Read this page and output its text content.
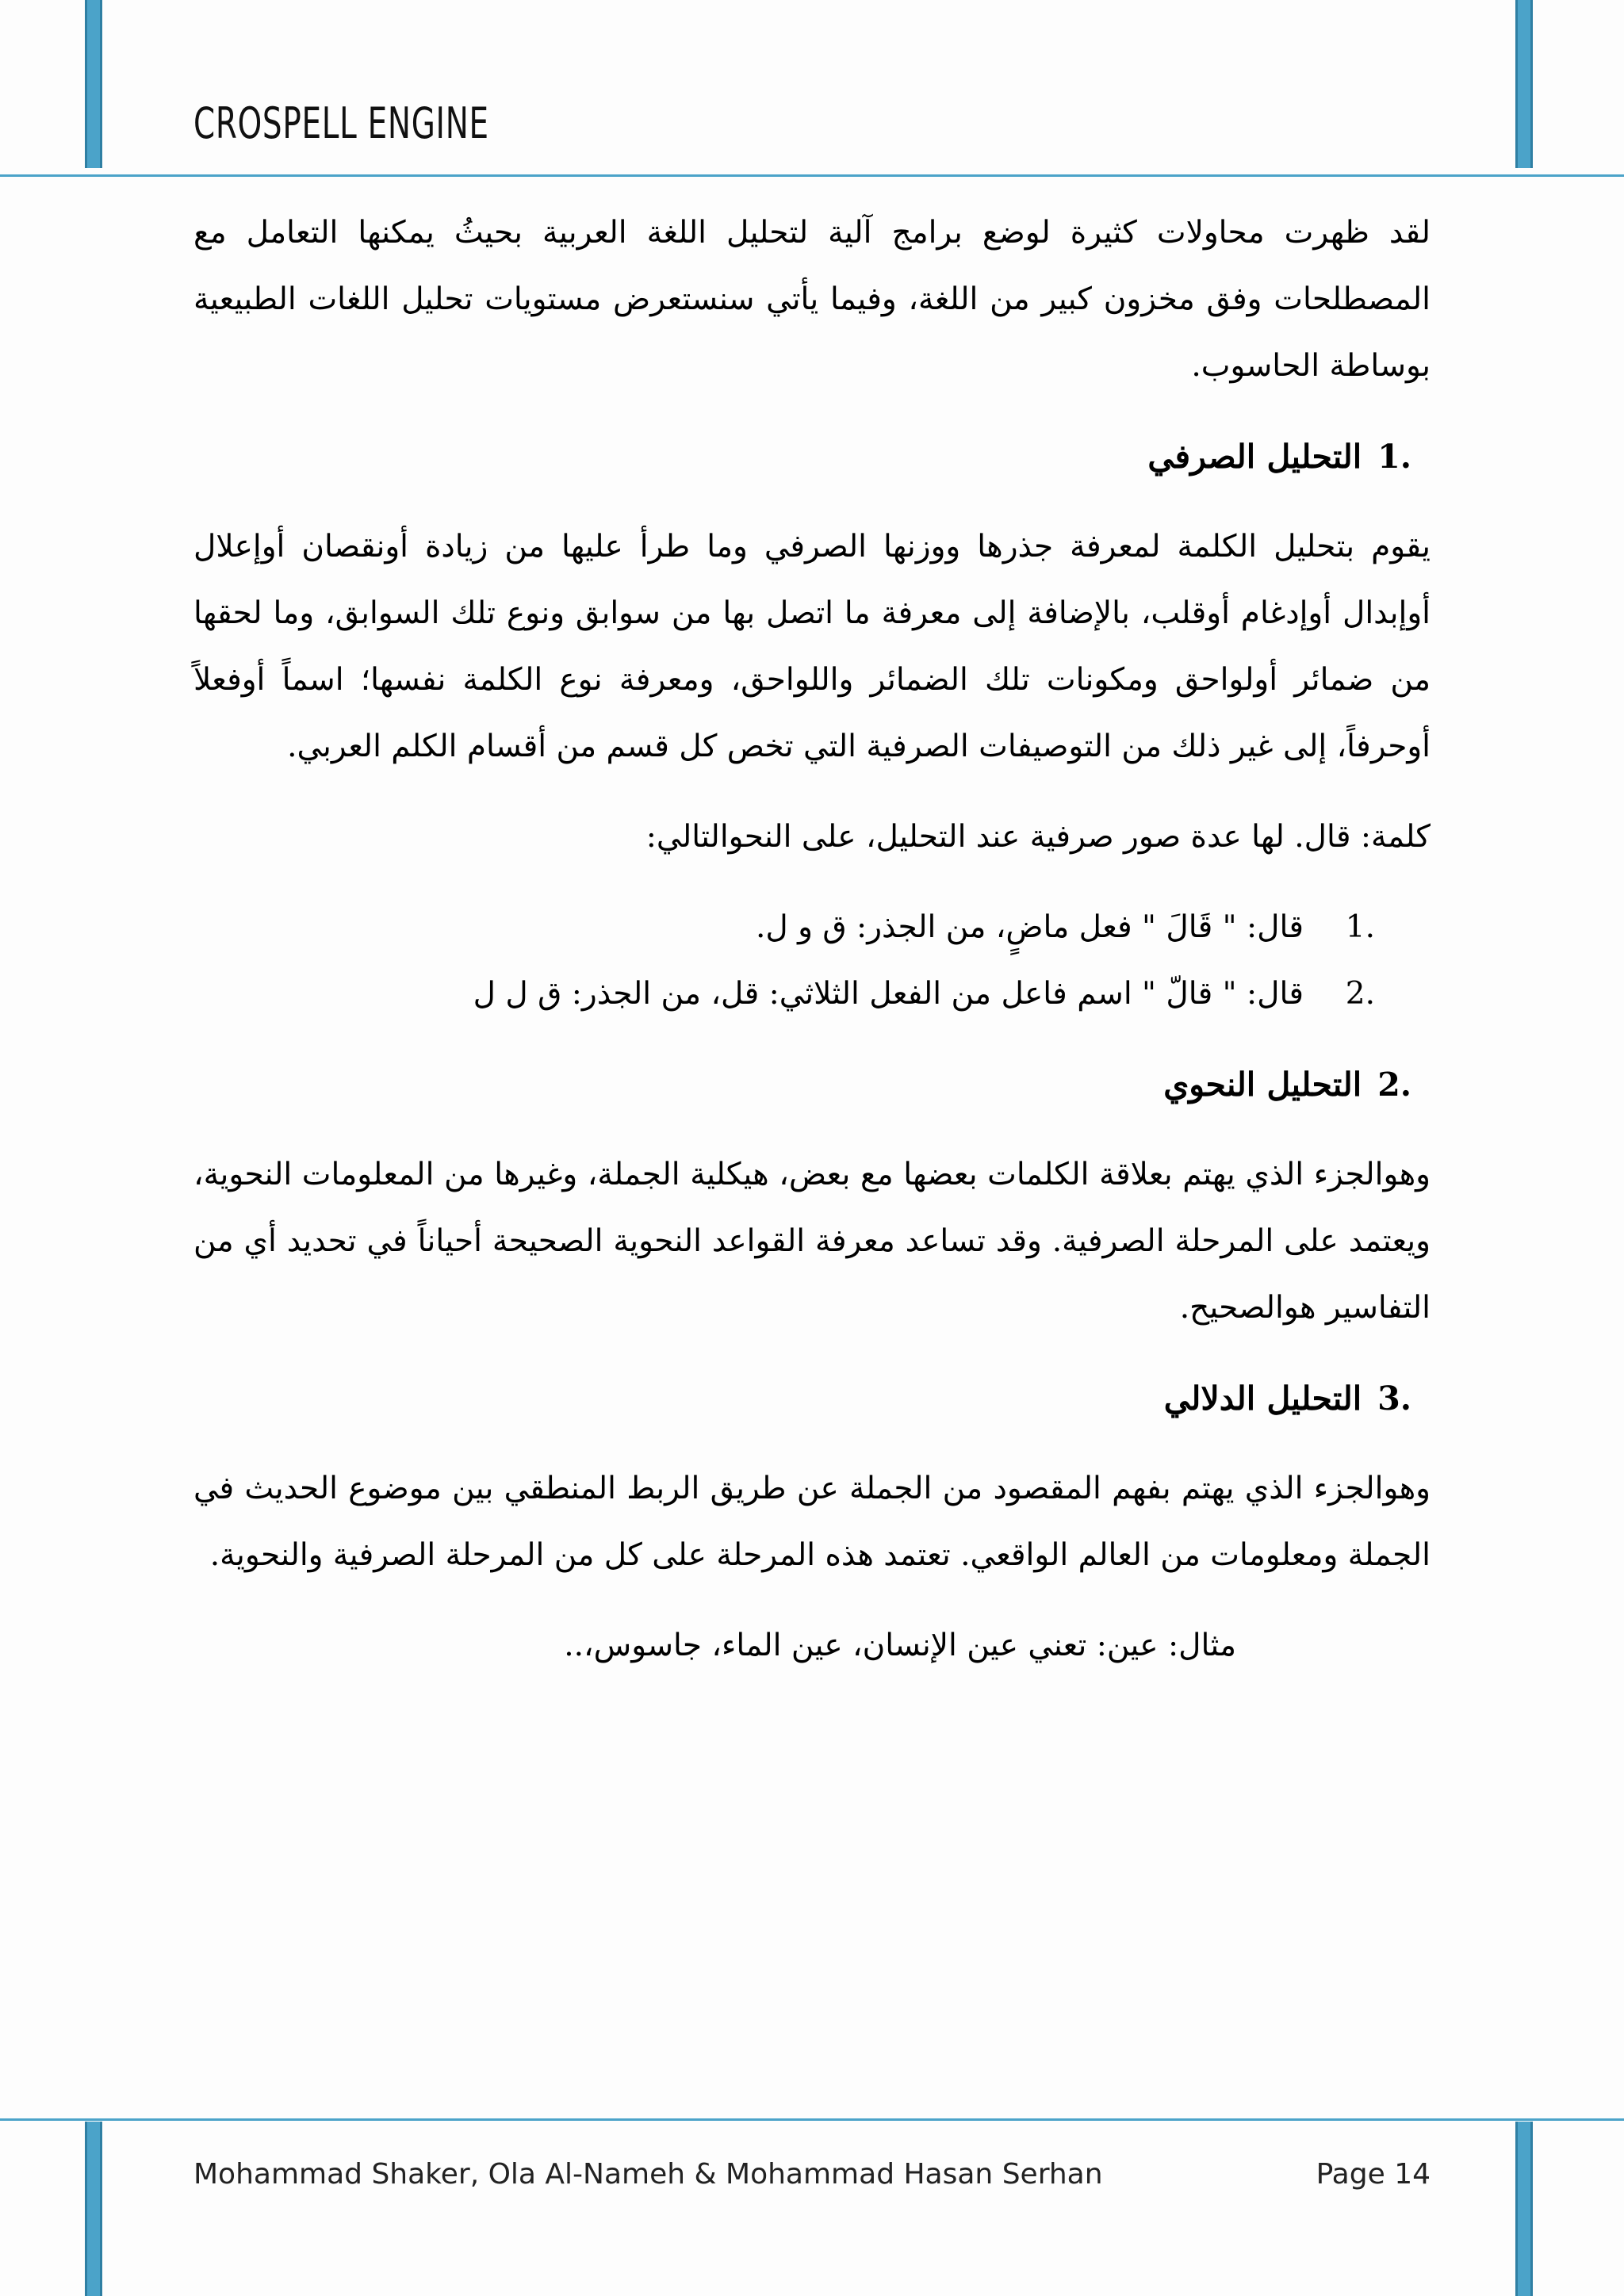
CROSPELL ENGINE

لقد ظهرت محاولات كثيرة لوضع برامج آلية لتحليل اللغة العربية بحيثُ يمكنها التعامل مع المصطلحات وفق مخزون كبير من اللغة، وفيما يأتي سنستعرض مستويات تحليل اللغات الطبيعية بوساطة الحاسوب.

.1التحليل الصرفي

يقوم بتحليل الكلمة لمعرفة جذرها ووزنها الصرفي وما طرأ عليها من زيادة أونقصان أوإعلال أوإبدال أوإدغام أوقلب، بالإضافة إلى معرفة ما اتصل بها من سوابق ونوع تلك السوابق، وما لحقها من ضمائر أولواحق ومكونات تلك الضمائر واللواحق، ومعرفة نوع الكلمة نفسها؛ اسماً أوفعلاً أوحرفاً، إلى غير ذلك من التوصيفات الصرفية التي تخص كل قسم من أقسام الكلم العربي.

كلمة: قال. لها عدة صور صرفية عند التحليل، على النحوالتالي:

.1قال: " قَالَ " فعل ماضٍ، من الجذر: ق و ل.
.2قال: " قالّ " اسم فاعل من الفعل الثلاثي: قل، من الجذر: ق ل ل

.2التحليل النحوي

وهوالجزء الذي يهتم بعلاقة الكلمات بعضها مع بعض، هيكلية الجملة، وغيرها من المعلومات النحوية، ويعتمد على المرحلة الصرفية. وقد تساعد معرفة القواعد النحوية الصحيحة أحياناً في تحديد أي من التفاسير هوالصحيح.

.3التحليل الدلالي

وهوالجزء الذي يهتم بفهم المقصود من الجملة عن طريق الربط المنطقي بين موضوع الحديث في الجملة ومعلومات من العالم الواقعي. تعتمد هذه المرحلة على كل من المرحلة الصرفية والنحوية.

مثال: عين: تعني عين الإنسان، عين الماء، جاسوس،..

Mohammad Shaker, Ola Al-Nameh & Mohammad Hasan Serhan	Page 14
